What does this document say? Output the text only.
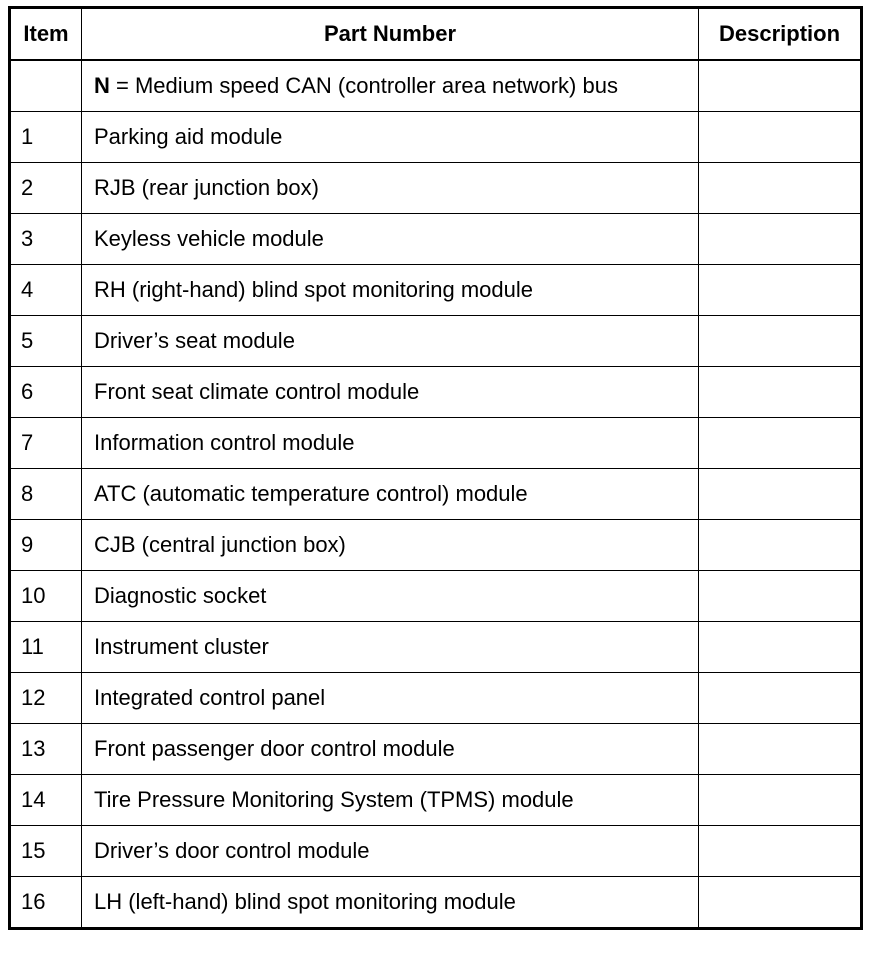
Item	Part Number	Description
	N = Medium speed CAN (controller area network) bus	
1	Parking aid module	
2	RJB (rear junction box)	
3	Keyless vehicle module	
4	RH (right-hand) blind spot monitoring module	
5	Driver’s seat module	
6	Front seat climate control module	
7	Information control module	
8	ATC (automatic temperature control) module	
9	CJB (central junction box)	
10	Diagnostic socket	
11	Instrument cluster	
12	Integrated control panel	
13	Front passenger door control module	
14	Tire Pressure Monitoring System (TPMS) module	
15	Driver’s door control module	
16	LH (left-hand) blind spot monitoring module	
